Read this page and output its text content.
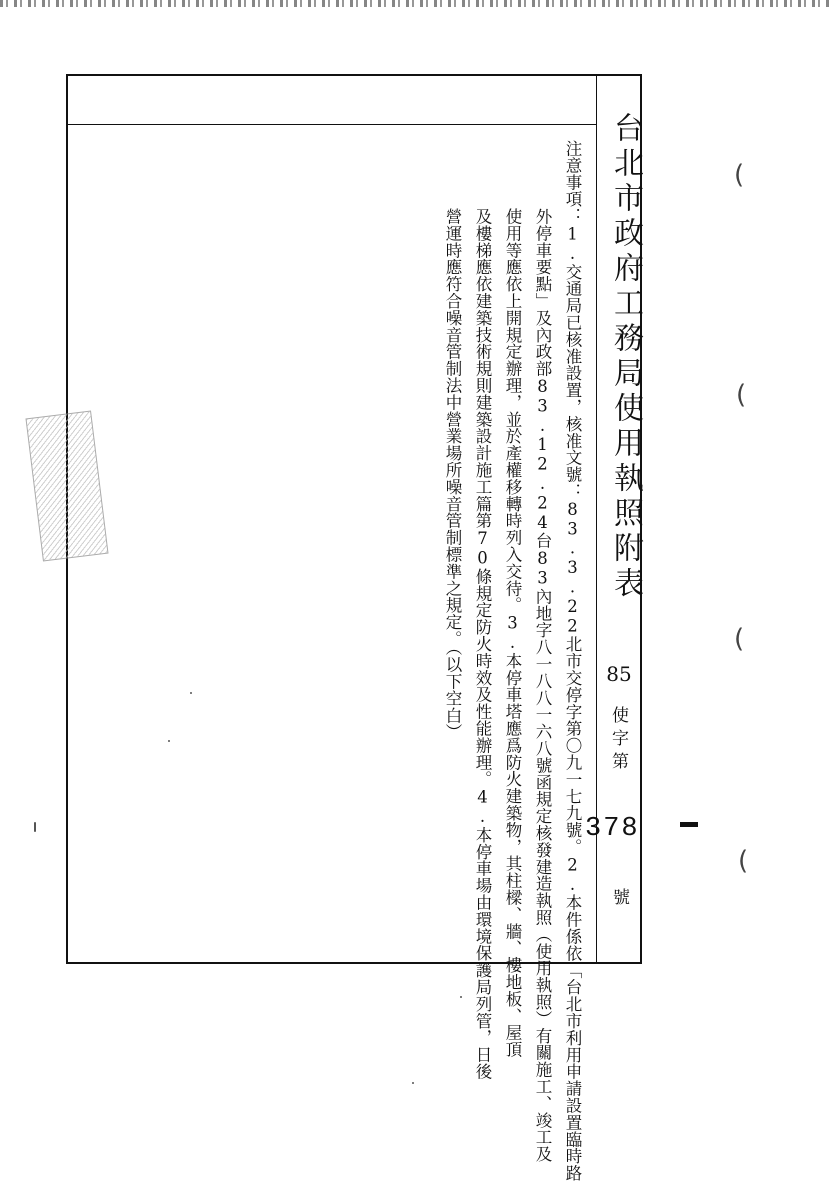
台北市政府工務局使用執照附表
85
使字第
378
號

注意事項：1.交通局已核准設置，核准文號：83.3.22北市交停字第〇九一七九號。2.本件係依「台北市利用申請設置臨時路

外停車要點」及內政部83.12.24台83內地字八一八八一六八號函規定核發建造執照（使用執照）有關施工、竣工及

使用等應依上開規定辦理，並於產權移轉時列入交待。3.本停車塔應爲防火建築物，其柱樑、牆、樓地板、屋頂

及樓梯應依建築技術規則建築設計施工篇第70條規定防火時效及性能辦理。4.本停車場由環境保護局列管，日後

營運時應符合噪音管制法中營業場所噪音管制標準之規定。（以下空白）

(
(
(
(
